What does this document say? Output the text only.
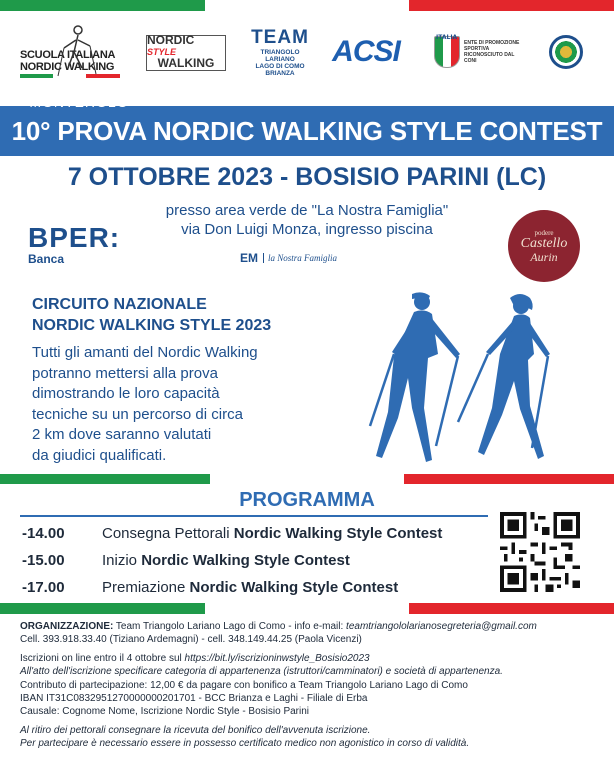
SCUOLA ITALIANA
NORDIC WALKING
NORDIC STYLE
WALKING
TEAM
TRIANGOLO LARIANO
LAGO DI COMO
BRIANZA
ACSI	ITALIA
ENTE DI PROMOZIONE SPORTIVA RICONOSCIUTO DAL CONI
MONTEROLO
10° PROVA NORDIC WALKING STYLE CONTEST
7 OTTOBRE 2023 - BOSISIO PARINI (LC)
presso area verde de "La Nostra Famiglia"
via Don Luigi Monza, ingresso piscina
BPER:
Banca	EM	la Nostra Famiglia
podere
Castello
Aurin
CIRCUITO NAZIONALE
NORDIC WALKING STYLE 2023
Tutti gli amanti del Nordic Walking
potranno mettersi alla prova
dimostrando le loro capacità
tecniche su un percorso di circa
2 km dove saranno valutati
da giudici qualificati.
PROGRAMMA
-14.00	Consegna Pettorali Nordic Walking Style Contest
-15.00	Inizio Nordic Walking Style Contest
-17.00	Premiazione Nordic Walking Style Contest

ORGANIZZAZIONE: Team Triangolo Lariano Lago di Como - info e-mail: teamtriangololarianosegreteria@gmail.com

Cell. 393.918.33.40 (Tiziano Ardemagni) - cell. 348.149.44.25 (Paola Vicenzi)

Iscrizioni on line entro il 4 ottobre sul https://bit.ly/iscrizioninwstyle_Bosisio2023

All'atto dell'iscrizione specificare categoria di appartenenza (istruttori/camminatori) e società di appartenenza.

Contributo di partecipazione: 12,00 € da pagare con bonifico a Team Triangolo Lariano Lago di Como

IBAN IT31C0832951270000000201701 - BCC Brianza e Laghi - Filiale di Erba

Causale: Cognome Nome, Iscrizione Nordic Style - Bosisio Parini

Al ritiro dei pettorali consegnare la ricevuta del bonifico dell'avvenuta iscrizione.

Per partecipare è necessario essere in possesso certificato medico non agonistico in corso di validità.
